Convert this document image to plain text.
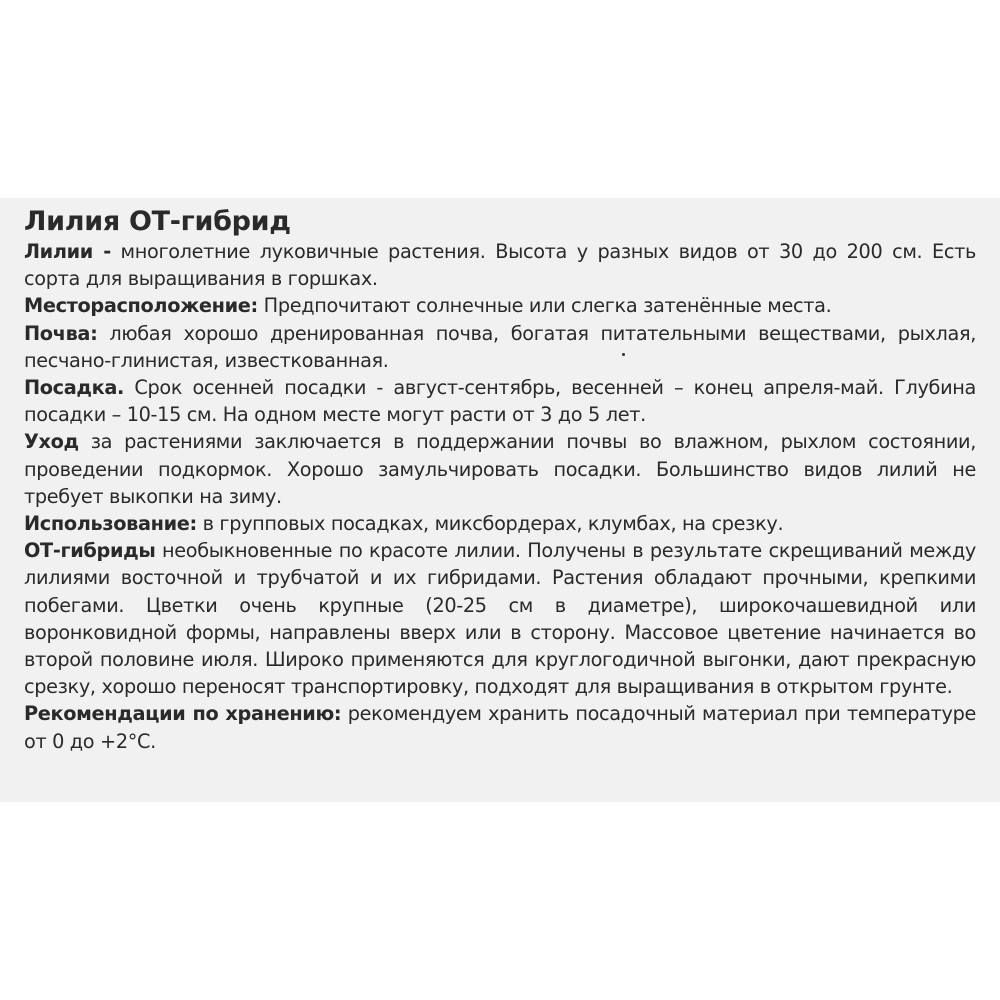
Лилия ОТ-гибрид

Лилии - многолетние луковичные растения. Высота у разных видов от 30 до 200 см. Есть сорта для выращивания в горшках.

Месторасположение: Предпочитают солнечные или слегка затенённые места.

Почва: любая хорошо дренированная почва, богатая питательными веществами, рыхлая, песчано-глинистая, известкованная.

Посадка. Срок осенней посадки - август-сентябрь, весенней – конец апреля-май. Глубина посадки – 10-15 см. На одном месте могут расти от 3 до 5 лет.

Уход за растениями заключается в поддержании почвы во влажном, рыхлом состоянии, проведении подкормок. Хорошо замульчировать посадки. Большинство видов лилий не требует выкопки на зиму.

Использование: в групповых посадках, миксбордерах, клумбах, на срезку.

ОТ-гибриды необыкновенные по красоте лилии. Получены в результате скрещиваний между лилиями восточной и трубчатой и их гибридами. Растения обладают прочными, крепкими побегами. Цветки очень крупные (20-25 см в диаметре), широкочашевидной или воронковидной формы, направлены вверх или в сторону. Массовое цветение начинается во второй половине июля. Широко применяются для круглогодичной выгонки, дают прекрасную срезку, хорошо переносят транспортировку, подходят для выращивания в открытом грунте.

Рекомендации по хранению: рекомендуем хранить посадочный материал при температуре от 0 до +2°С.
